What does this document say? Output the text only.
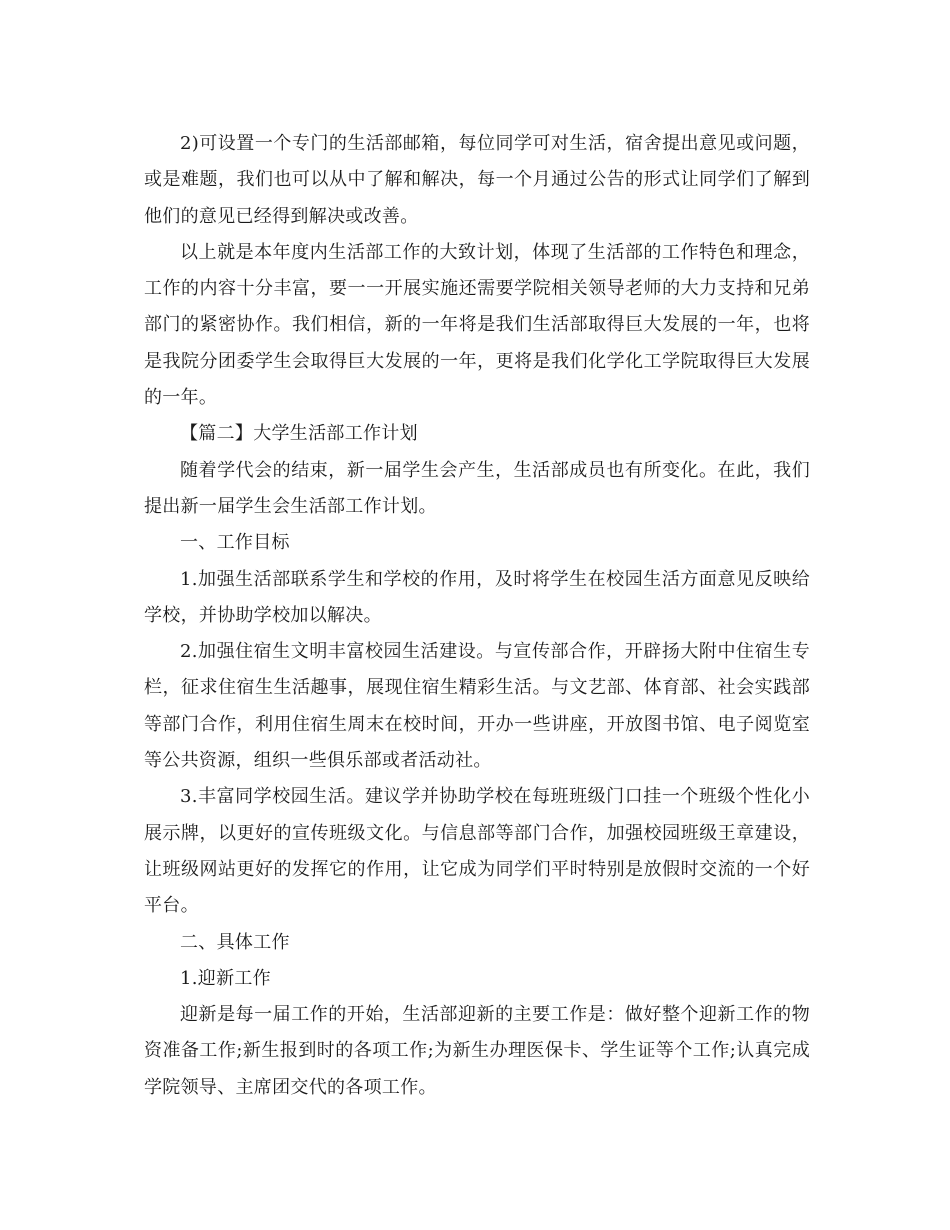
2)可设置一个专门的生活部邮箱，每位同学可对生活，宿舍提出意见或问题，或是难题，我们也可以从中了解和解决，每一个月通过公告的形式让同学们了解到他们的意见已经得到解决或改善。

以上就是本年度内生活部工作的大致计划，体现了生活部的工作特色和理念，工作的内容十分丰富，要一一开展实施还需要学院相关领导老师的大力支持和兄弟部门的紧密协作。我们相信，新的一年将是我们生活部取得巨大发展的一年，也将是我院分团委学生会取得巨大发展的一年，更将是我们化学化工学院取得巨大发展的一年。

【篇二】大学生活部工作计划

随着学代会的结束，新一届学生会产生，生活部成员也有所变化。在此，我们提出新一届学生会生活部工作计划。

一、工作目标

1.加强生活部联系学生和学校的作用，及时将学生在校园生活方面意见反映给学校，并协助学校加以解决。

2.加强住宿生文明丰富校园生活建设。与宣传部合作，开辟扬大附中住宿生专栏，征求住宿生生活趣事，展现住宿生精彩生活。与文艺部、体育部、社会实践部等部门合作，利用住宿生周末在校时间，开办一些讲座，开放图书馆、电子阅览室等公共资源，组织一些俱乐部或者活动社。

3.丰富同学校园生活。建议学并协助学校在每班班级门口挂一个班级个性化小展示牌，以更好的宣传班级文化。与信息部等部门合作，加强校园班级王章建设，让班级网站更好的发挥它的作用，让它成为同学们平时特别是放假时交流的一个好平台。

二、具体工作

1.迎新工作

迎新是每一届工作的开始，生活部迎新的主要工作是：做好整个迎新工作的物资准备工作;新生报到时的各项工作;为新生办理医保卡、学生证等个工作;认真完成学院领导、主席团交代的各项工作。
